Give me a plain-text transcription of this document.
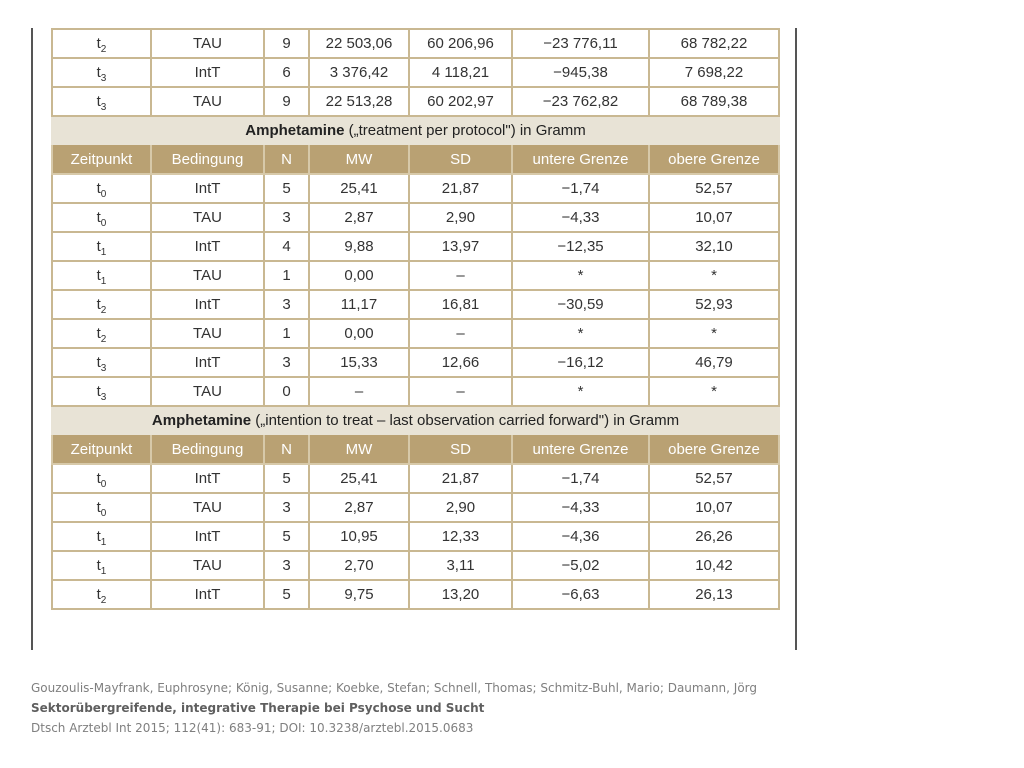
$t_2$	TAU	9	22 503,06	60 206,96	−23 776,11	68 782,22
$t_3$	IntT	6	3 376,42	4 118,21	−945,38	7 698,22
$t_3$	TAU	9	22 513,28	60 202,97	−23 762,82	68 789,38
Amphetamine („treatment per protocol") in Gramm						
Zeitpunkt	Bedingung	N	MW	SD	untere Grenze	obere Grenze
$t_0$	IntT	5	25,41	21,87	−1,74	52,57
$t_0$	TAU	3	2,87	2,90	−4,33	10,07
$t_1$	IntT	4	9,88	13,97	−12,35	32,10
$t_1$	TAU	1	0,00	–	*	*
$t_2$	IntT	3	11,17	16,81	−30,59	52,93
$t_2$	TAU	1	0,00	–	*	*
$t_3$	IntT	3	15,33	12,66	−16,12	46,79
$t_3$	TAU	0	–	–	*	*
Amphetamine („intention to treat – last observation carried forward") in Gramm						
Zeitpunkt	Bedingung	N	MW	SD	untere Grenze	obere Grenze
$t_0$	IntT	5	25,41	21,87	−1,74	52,57
$t_0$	TAU	3	2,87	2,90	−4,33	10,07
$t_1$	IntT	5	10,95	12,33	−4,36	26,26
$t_1$	TAU	3	2,70	3,11	−5,02	10,42
$t_2$	IntT	5	9,75	13,20	−6,63	26,13
Gouzoulis-Mayfrank, Euphrosyne; König, Susanne; Koebke, Stefan; Schnell, Thomas; Schmitz-Buhl, Mario; Daumann, Jörg
Sektorübergreifende, integrative Therapie bei Psychose und Sucht
Dtsch Arztebl Int 2015; 112(41): 683-91; DOI: 10.3238/arztebl.2015.0683
